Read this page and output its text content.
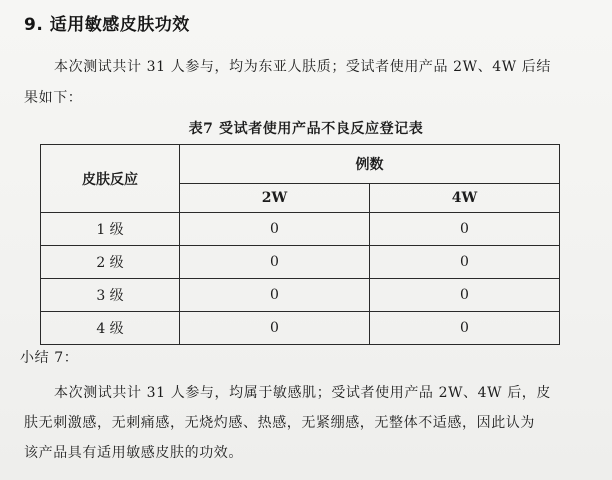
9. 适用敏感皮肤功效
本次测试共计 31 人参与，均为东亚人肤质；受试者使用产品 2W、4W 后结
果如下：
表7 受试者使用产品不良反应登记表
皮肤反应	例数	
	2W	4W
1 级	0	0
2 级	0	0
3 级	0	0
4 级	0	0
小结 7：
本次测试共计 31 人参与，均属于敏感肌；受试者使用产品 2W、4W 后，皮
肤无刺激感，无刺痛感，无烧灼感、热感，无紧绷感，无整体不适感，因此认为
该产品具有适用敏感皮肤的功效。
